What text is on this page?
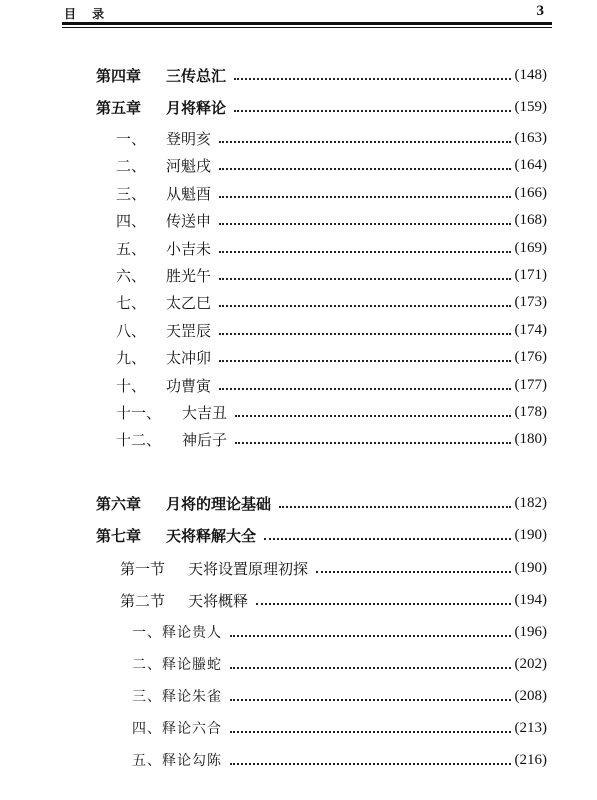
目 录	3
第四章	三传总汇	(148)
第五章	月将释论	(159)
一、	登明亥	(163)
二、	河魁戌	(164)
三、	从魁酉	(166)
四、	传送申	(168)
五、	小吉未	(169)
六、	胜光午	(171)
七、	太乙巳	(173)
八、	天罡辰	(174)
九、	太冲卯	(176)
十、	功曹寅	(177)
十一、	大吉丑	(178)
十二、	神后子	(180)
第六章	月将的理论基础	(182)
第七章	天将释解大全	(190)
第一节	天将设置原理初探	(190)
第二节	天将概释	(194)
一、释论贵人	(196)
二、释论螣蛇	(202)
三、释论朱雀	(208)
四、释论六合	(213)
五、释论勾陈	(216)
